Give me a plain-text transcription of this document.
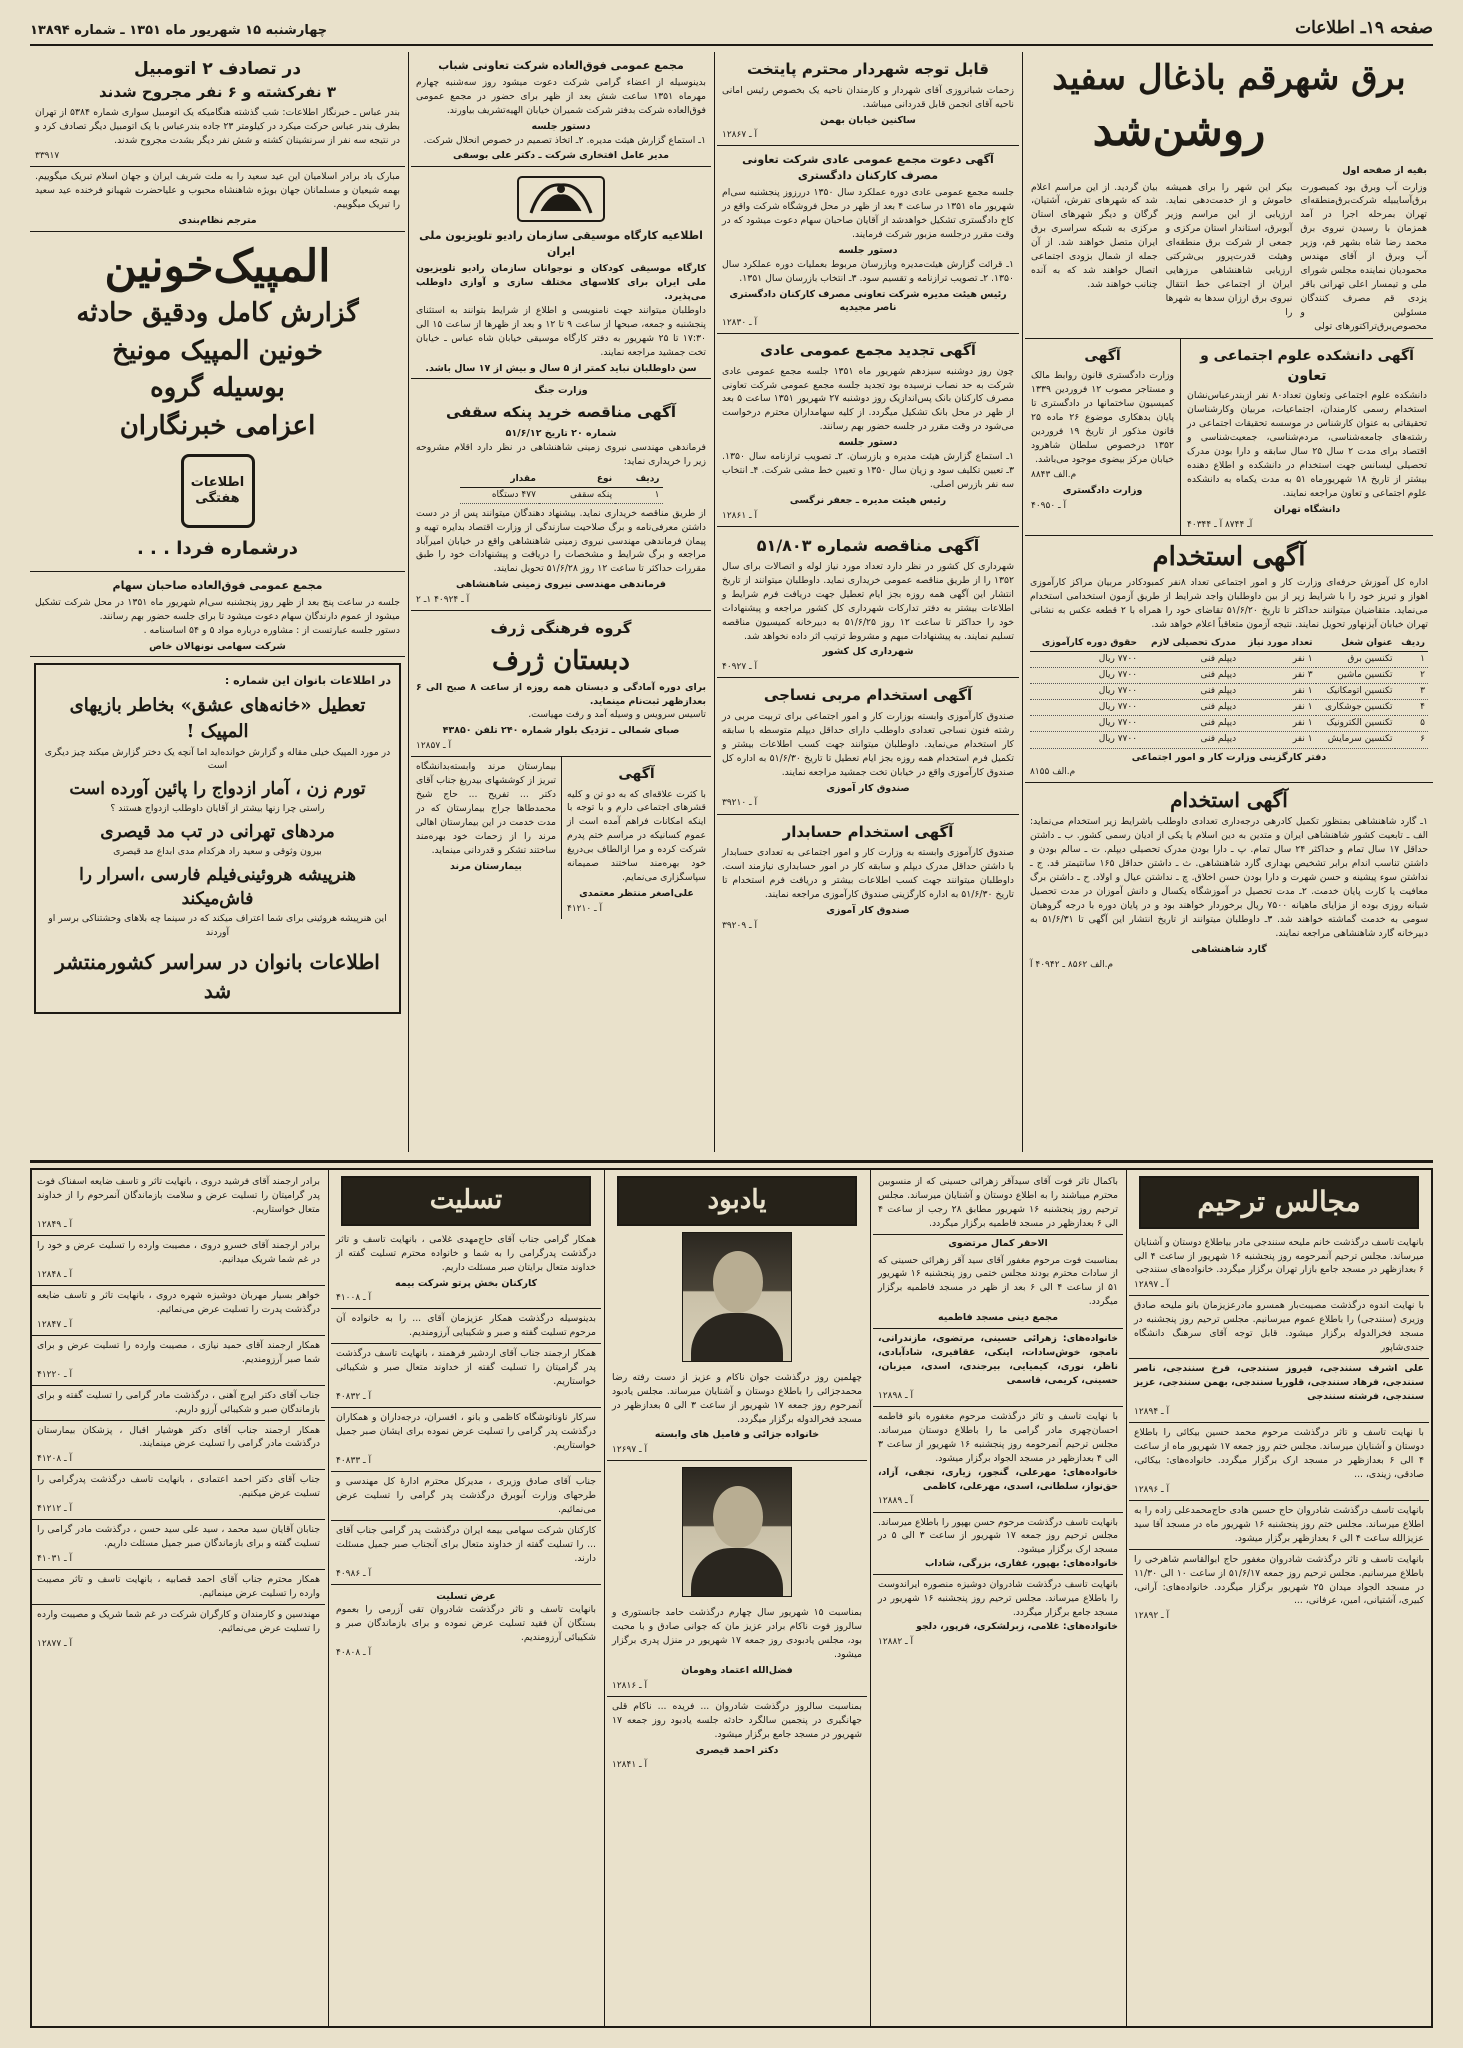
صفحه ۱۹ـ اطلاعات
چهارشنبه ۱۵ شهریور ماه ۱۳۵۱ ـ شماره ۱۳۸۹۴
برق شهرقم باذغال سفید
روشن‌شد
بقیه از صفحه اول
وزارت آب وبرق بود کمبصورت برق‌آسایبیله شرکت‌برق‌منطقه‌ای تهران بمرحله اجرا در آمد همزمان با رسیدن نیروی برق محمد رضا شاه بشهر قم، وزیر آب وبرق از آقای مهندس محمودیان نماینده مجلس شورای ملی و تیمسار اعلی تهرانی باقر یزدی قم مصرف کنندگان مسئولین و محصوص‌برق‌تراکتورهای تولی
بیکر این شهر را برای همیشه خاموش و از خدمت‌دهی نماید. ارزیابی از این مراسم وزیر آبوبرق، استاندار استان مرکزی و جمعی از شرکت برق منطقه‌ای وهیئت‌ قدرت‌پرور بی‌شرکتی ارزیابی شاهنشاهی مرزهایی ایران از اجتماعی خط انتقال نیروی برق ارزان سدها به شهرها را
بیان گردید. از این مراسم اعلام شد که شهرهای تفرش، آشتیان، گرگان و دیگر شهرهای استان مرکزی به شبکه سراسری برق ایران متصل خواهند شد. از آن جمله از شمال بزودی اجتماعی اتصال خواهند شد که به آنده چنانب خواهند شد.
آگهی دانشکده علوم اجتماعی و تعاون
دانشکده علوم اجتماعی وتعاون تعداد۸۰ نفر ازبندرعباس‌نشان استخدام رسمی کارمندان، اجتماعیات، مربیان وکارشناسان تحقیقاتی به عنوان کارشناس در موسسه تحقیقات اجتماعی در رشته‌های جامعه‌شناسی، مردم‌شناسی، جمعیت‌شناسی و اقتصاد برای مدت ۲ سال ۲۵ سال سابقه و دارا بودن مدرک تحصیلی لیسانس جهت استخدام در دانشکده و اطلاع دهنده بیشتر از تاریخ ۱۸ شهریورماه ۵۱ به مدت یکماه به دانشکده علوم اجتماعی و تعاون مراجعه نمایند.
دانشگاه تهران
آـ ۸۷۴۴ آ ـ ۴۰۳۴۴
آگهی
وزارت دادگستری قانون روابط مالک و مستاجر مصوب ۱۲ فروردین ۱۳۳۹ کمیسیون ساختمانها در دادگستری تا پایان بدهکاری موضوع ۲۶ ماده ۲۵ قانون مذکور از تاریخ ۱۹ فروردین ۱۳۵۲ درخصوص سلطان شاهرود خیابان مرکز بیضوی موجود می‌باشد.
م.الف ۸۸۴۳
وزارت دادگستری
آ ـ ۴۰۹۵۰
آگهی استخدام
اداره کل آموزش حرفه‌ای وزارت کار و امور اجتماعی تعداد ۸نفر کمبودکادر مربیان مراکز کارآموزی اهواز و تبریز خود را با شرایط زیر از بین داوطلبان واجد شرایط از طریق آزمون استخدامی استخدام می‌نماید. متقاضیان میتوانند حداکثر تا تاریخ ۵۱/۶/۲۰ تقاضای خود را همراه با ۲ قطعه عکس به نشانی تهران خیابان آیزنهاور تحویل نمایند. نتیجه آزمون متعاقباً اعلام خواهد شد.
ردیف	عنوان شغل	تعداد مورد نیاز	مدرک تحصیلی لازم	حقوق دوره کارآموزی
۱	تکنسین برق	۱ نفر	دیپلم فنی	۷۷۰۰ ریال
۲	تکنسین ماشین	۳ نفر	دیپلم فنی	۷۷۰۰ ریال
۳	تکنسین اتومکانیک	۱ نفر	دیپلم فنی	۷۷۰۰ ریال
۴	تکنسین جوشکاری	۱ نفر	دیپلم فنی	۷۷۰۰ ریال
۵	تکنسین الکترونیک	۱ نفر	دیپلم فنی	۷۷۰۰ ریال
۶	تکنسین سرمایش	۱ نفر	دیپلم فنی	۷۷۰۰ ریال
دفتر کارگزینی وزارت کار و امور اجتماعی
م.الف ۸۱۵۵
آگهی استخدام
۱ـ گارد شاهنشاهی بمنظور تکمیل کادرهی درجه‌داری تعدادی داوطلب باشرایط زیر استخدام می‌نماید: الف ـ تابعیت کشور شاهنشاهی ایران و متدین به دین اسلام یا یکی از ادیان رسمی کشور. ب ـ داشتن حداقل ۱۷ سال تمام و حداکثر ۲۴ سال تمام. پ ـ دارا بودن مدرک تحصیلی دیپلم. ت ـ سالم بودن و داشتن تناسب اندام برابر تشخیص بهداری گارد شاهنشاهی. ث ـ داشتن حداقل ۱۶۵ سانتیمتر قد. ج ـ نداشتن سوء پیشینه و حسن شهرت و دارا بودن حسن اخلاق. چ ـ نداشتن عیال و اولاد. ح ـ داشتن برگ معافیت یا کارت پایان خدمت. ۲ـ مدت تحصیل در آموزشگاه یکسال و دانش آموزان در مدت تحصیل شبانه روزی بوده از مزایای ماهیانه ۷۵۰۰ ریال برخوردار خواهند بود و در پایان دوره با درجه گروهبان سومی به خدمت گماشته خواهند شد. ۳ـ داوطلبان میتوانند از تاریخ انتشار این آگهی تا ۵۱/۶/۳۱ به دبیرخانه گارد شاهنشاهی مراجعه نمایند.
گارد شاهنشاهی
م.الف ۸۵۶۲ ـ ۴۰۹۴۲ آ
قابل توجه شهردار محترم پایتخت
زحمات شبانروزی آقای شهردار و کارمندان ناحیه یک بخصوص رئیس امانی ناحیه آقای انجمن قابل قدردانی میباشد.
ساکنین خیابان بهمن
آ ـ ۱۲۸۶۷
آگهی دعوت مجمع عمومی عادی شرکت تعاونی مصرف کارکنان دادگستری
جلسه مجمع عمومی عادی دوره عملکرد سال ۱۳۵۰ دررزوز پنجشنبه سی‌ام شهریور ماه ۱۳۵۱ در ساعت ۴ بعد از ظهر در محل فروشگاه شرکت واقع در کاخ دادگستری تشکیل خواهدشد از آقایان صاحبان سهام دعوت میشود که در وقت مقرر درجلسه مزبور شرکت فرمایند.
دستور جلسه
۱ـ قرائت گزارش هیئت‌مدیره وبازرسان مربوط بعملیات دوره عملکرد سال ۱۳۵۰. ۲ـ تصویب ترازنامه و تقسیم سود. ۳ـ انتخاب بازرسان سال ۱۳۵۱.
رئیس هیئت مدیره شرکت تعاونی مصرف کارکنان دادگستری ناصر مجیدیه
آ ـ ۱۲۸۳۰
آگهی تجدید مجمع عمومی عادی
چون روز دوشنبه سیزدهم شهریور ماه ۱۳۵۱ جلسه مجمع عمومی عادی شرکت به حد نصاب نرسیده بود تجدید جلسه مجمع عمومی شرکت تعاونی مصرف کارکنان بانک پس‌اندازیک روز دوشنبه ۲۷ شهریور ۱۳۵۱ ساعت ۵ بعد از ظهر در محل بانک تشکیل میگردد. از کلیه سهامداران محترم درخواست می‌شود در وقت مقرر در جلسه حضور بهم رسانند.
دستور جلسه
۱ـ استماع گزارش هیئت مدیره و بازرسان. ۲ـ تصویب ترازنامه سال ۱۳۵۰. ۳ـ تعیین تکلیف سود و زیان سال ۱۳۵۰ و تعیین خط مشی شرکت. ۴ـ انتخاب سه نفر بازرس اصلی.
رئیس هیئت مدیره ـ جعفر نرگسی
آ ـ ۱۲۸۶۱
آگهی مناقصه شماره ۵۱/۸۰۳
شهرداری کل کشور در نظر دارد تعداد مورد نیاز لوله و اتصالات برای سال ۱۳۵۲ را از طریق مناقصه عمومی خریداری نماید. داوطلبان میتوانند از تاریخ انتشار این آگهی همه روزه بجز ایام تعطیل جهت دریافت فرم شرایط و اطلاعات بیشتر به دفتر تدارکات شهرداری کل کشور مراجعه و پیشنهادات خود را حداکثر تا ساعت ۱۲ روز ۵۱/۶/۲۵ به دبیرخانه کمیسیون مناقصه تسلیم نمایند. به پیشنهادات مبهم و مشروط ترتیب اثر داده نخواهد شد.
شهرداری کل کشور
آ ـ ۴۰۹۲۷
آگهی استخدام مربی نساجی
صندوق کارآموزی وابسته بوزارت کار و امور اجتماعی برای تربیت مربی در رشته فنون نساجی تعدادی داوطلب دارای حداقل دیپلم متوسطه با سابقه کار استخدام می‌نماید. داوطلبان میتوانند جهت کسب اطلاعات بیشتر و تکمیل فرم استخدام همه روزه بجز ایام تعطیل تا تاریخ ۵۱/۶/۳۰ به اداره کل صندوق کارآموزی واقع در خیابان تخت جمشید مراجعه نمایند.
صندوق کار آموزی
آ ـ ۳۹۲۱۰
آگهی استخدام حسابدار
صندوق کارآموزی وابسته به وزارت کار و امور اجتماعی به تعدادی حسابدار با داشتن حداقل مدرک دیپلم و سابقه کار در امور حسابداری نیازمند است. داوطلبان میتوانند جهت کسب اطلاعات بیشتر و دریافت فرم استخدام تا تاریخ ۵۱/۶/۳۰ به اداره کارگزینی صندوق کارآموزی مراجعه نمایند.
صندوق کار آموزی
آ ـ ۳۹۲۰۹
مجمع عمومی فوق‌العاده شرکت تعاونی شباب
بدینوسیله از اعضاء گرامی شرکت دعوت میشود روز سه‌شنبه چهارم مهرماه ۱۳۵۱ ساعت شش بعد از ظهر برای حضور در مجمع عمومی فوق‌العاده شرکت بدفتر شرکت شمیران خیابان الهیه‌تشریف بیاورند.
دستور جلسه
۱ـ استماع گزارش هیئت مدیره. ۲ـ اتخاذ تصمیم در خصوص انحلال شرکت.
مدیر عامل افتخاری شرکت ـ دکتر علی بوسفی
اطلاعیه کارگاه موسیقی سازمان رادیو تلویزیون ملی ایران
کارگاه موسیقی کودکان و نوجوانان سازمان رادیو تلویزیون ملی ایران برای کلاسهای مختلف سازی و آوازی داوطلب می‌پذیرد.
داوطلبان میتوانند جهت نامنویسی و اطلاع از شرایط بتوانند به استثنای پنجشنبه و جمعه، صبحها از ساعت ۹ تا ۱۲ و بعد از ظهرها از ساعت ۱۵ الی ۱۷:۳۰ تا ۲۵ شهریور به دفتر کارگاه موسیقی خیابان شاه عباس ـ خیابان تخت جمشید مراجعه نمایند.
سن داوطلبان نباید کمتر از ۵ سال و بیش از ۱۷ سال باشد.
وزارت جنگ
آگهی مناقصه خرید پنکه سقفی
شماره ۲۰ تاریخ ۵۱/۶/۱۲
فرماندهی مهندسی نیروی زمینی شاهنشاهی در نظر دارد اقلام مشروحه زیر را خریداری نماید:
ردیف	نوع	مقدار
۱	پنکه سقفی	۴۷۷ دستگاه
از طریق مناقصه خریداری نماید. بیشنهاد دهندگان میتوانند پس از در دست داشتن معرفی‌نامه و برگ صلاحیت سازندگی از وزارت اقتصاد بدایره تهیه و پیمان فرماندهی مهندسی نیروی زمینی شاهنشاهی واقع در خیابان امیرآباد مراجعه و برگ شرایط و مشخصات را دریافت و پیشنهادات خود را طبق مقررات حداکثر تا ساعت ۱۲ روز ۵۱/۶/۲۸ تحویل نمایند.
فرماندهی مهندسی نیروی زمینی شاهنشاهی
آ ـ ۴۰۹۲۴ ۱ـ ۲
گروه فرهنگی ژرف
دبستان ژرف
برای دوره آمادگی و دبستان همه روزه از ساعت ۸ صبح الی ۶ بعدازظهر ثبت‌نام مینماید.
تاسیس سرویس و وسیله آمد و رفت مهیاست.
صبای شمالی ـ تزدیک بلوار شماره ۲۴۰ تلفن ۴۳۸۵۰
آ ـ ۱۲۸۵۷
آگهی
با کثرت علاقه‌ای که به دو تن و کلیه قشرهای اجتماعی دارم و با توجه با اینکه امکانات فراهم آمده است از عموم کسانیکه در مراسم ختم پدرم شرکت کرده و مرا ازالطاف بی‌دریغ خود بهره‌مند ساختند صمیمانه سپاسگزاری می‌نمایم.
علی‌اصغر منتظر معتمدی
آ ـ ۴۱۲۱۰
بیمارستان مرند وابسته‌بدانشگاه تبریز از کوششهای بیدریغ جناب آقای دکتر ... تفریح ... حاج شیخ محمدطاها جراح بیمارستان که در مدت خدمت در این بیمارستان اهالی مرند را از زحمات خود بهره‌مند ساختند تشکر و قدردانی مینماید.
بیمارستان مرند
در تصادف ۲ اتومبیل
۳ نفرکشته و ۶ نفر مجروح شدند
بندر عباس ـ خبرنگار اطلاعات: شب گذشته هنگامیکه یک اتومبیل سواری شماره ۵۳۸۴ از تهران بطرف بندر عباس حرکت میکرد در کیلومتر ۲۳ جاده بندرعباس با یک اتومبیل دیگر تصادف کرد و در نتیجه سه نفر از سرنشینان کشته و شش نفر دیگر بشدت مجروح شدند.
۳۳۹۱۷
مبارک باد برادر اسلامیان این عید سعید را به ملت شریف ایران و جهان اسلام تبریک میگوییم. بهمه شیعیان و مسلمانان جهان بویژه شاهنشاه محبوب و علیاحضرت شهبانو فرخنده عید سعید را تبریک میگوییم.
مترجم نظام‌بندی
المپیک‌خونین
گزارش کامل ودقیق حادثه
خونین المپیک مونیخ
بوسیله گروه
اعزامی خبرنگاران
اطلاعات هفتگی
درشماره فردا . . .
مجمع عمومی فوق‌العاده صاحبان سهام
جلسه در ساعت پنج بعد از ظهر روز پنجشنبه سی‌ام شهریور ماه ۱۳۵۱ در محل شرکت تشکیل میشود از عموم دارندگان سهام دعوت میشود تا برای جلسه حضور بهم رسانند.
دستور جلسه عبارتست از : مشاوره درباره مواد ۵ و ۵۴ اساسنامه .
شرکت سهامی نونهالان خاص
در اطلاعات بانوان این شماره :
تعطیل «خانه‌های عشق» بخاطر بازیهای المپیک !
در مورد المپیک خیلی مقاله و گزارش خوانده‌اید اما آنچه یک دختر گزارش میکند چیز دیگری است
تورم زن ، آمار ازدواج را پائین آورده است
راستی چرا زنها بیشتر از آقایان داوطلب ازدواج هستند ؟
مردهای تهرانی در تب مد قیصری
بیرون وثوقی و سعید راد هرکدام مدی ابداع مد قیصری
هنرپیشه هروئینی‌فیلم فارسی ،اسرار را فاش‌میکند
این هنرپیشه هروئینی برای شما اعتراف میکند که در سینما چه بلاهای وحشتناکی برسر او آوردند
اطلاعات بانوان در سراسر کشورمنتشر شد
مجالس ترحیم
بانهایت تاسف درگذشت خانم ملیحه سنندجی مادر بیاطلاع دوستان و آشنایان میرساند. مجلس ترحیم آنمرحومه روز پنجشنبه ۱۶ شهریور از ساعت ۴ الی ۶ بعدازظهر در مسجد جامع بازار تهران برگزار میگردد. خانواده‌های سنندجی
آ ـ ۱۲۸۹۷
با نهایت اندوه درگذشت مصیبت‌بار همسرو مادرعزیزمان بانو ملیحه صادق وزیری (سنندجی) را باطلاع عموم میرسانیم. مجلس ترحیم روز پنجشنبه در مسجد فخرالدوله برگزار میشود. قابل توجه آقای سرهنگ دانشگاه جندی‌شاپور
علی اشرف سنندجی، فیروز سنندجی، فرخ سنندجی، ناصر سنندجی، فرهاد سنندجی، قلوریا سنندجی، بهمن سنندجی، عزیز سنندجی، فرشته سنندجی
آ ـ ۱۲۸۹۴
با نهایت تاسف و تاثر درگذشت مرحوم محمد حسین بیکائی را باطلاع دوستان و آشنایان میرساند. مجلس ختم روز جمعه ۱۷ شهریور ماه از ساعت ۴ الی ۶ بعدازظهر در مسجد ارک برگزار میگردد. خانواده‌های: بیکائی، صادقی، زیندی، ...
آ ـ ۱۲۸۹۶
بانهایت تاسف درگذشت شادروان حاج حسین هادی حاج‌محمدعلی زاده را به اطلاع میرساند. مجلس ختم روز پنجشنبه ۱۶ شهریور ماه در مسجد آقا سید عزیزالله ساعت ۴ الی ۶ بعدازظهر برگزار میشود.
بانهایت تاسف و تاثر درگذشت شادروان مغفور حاج ابوالقاسم شاهرخی را باطلاع میرسانیم. مجلس ترحیم روز جمعه ۵۱/۶/۱۷ از ساعت ۱۰ الی ۱۱/۳۰ در مسجد الجواد میدان ۲۵ شهریور برگزار میگردد. خانواده‌های: آرانی، کبیری، آشتیانی، امین، عرفانی، ...
آ ـ ۱۲۸۹۲
باکمال تاثر فوت آقای سیدآقر زهرائی حسینی که از منسوبین محترم میباشند را به اطلاع دوستان و آشنایان میرساند. مجلس ترحیم روز پنجشنبه ۱۶ شهریور مطابق ۲۸ رجب از ساعت ۴ الی ۶ بعدازظهر در مسجد فاطمیه برگزار میگردد.
الاحقر کمال مرتضوی
بمناسبت فوت مرحوم مغفور آقای سید آقر زهرائی حسینی که از سادات محترم بودند مجلس ختمی روز پنجشنبه ۱۶ شهریور ۵۱ از ساعت ۴ الی ۶ بعد از ظهر در مسجد فاطمیه برگزار میگردد.
مجمع دینی مسجد فاطمیه
خانواده‌های: زهرائی حسینی، مرتضوی، مازندرانی، نامجو، خوش‌سادات، اینکی، عقافیری، شادآبادی، ناظر، نوری، کیمیایی، بیرجندی، اسدی، میزبان، حسینی، کریمی، قاسمی
آ ـ ۱۲۸۹۸
با نهایت تاسف و تاثر درگذشت مرحوم مغفوره بانو فاطمه احسان‌چهری مادر گرامی ما را باطلاع دوستان میرساند. مجلس ترحیم آنمرحومه روز پنجشنبه ۱۶ شهریور از ساعت ۳ الی ۴ بعدازظهر در مسجد الجواد برگزار میشود.
خانواده‌های: مهرعلی، گنجور، زیاری، نجفی، آزاد، حق‌نواز، سلطانی، اسدی، مهرعلی، کاظمی
آ ـ ۱۲۸۸۹
بانهایت تاسف درگذشت مرحوم حسن بهپور را باطلاع میرساند. مجلس ترحیم روز جمعه ۱۷ شهریور از ساعت ۳ الی ۵ در مسجد ارک برگزار میشود.
خانواده‌های: بهپور، غفاری، بزرگی، شاداب
بانهایت تاسف درگذشت شادروان دوشیزه منصوره ایراندوست را باطلاع میرساند. مجلس ترحیم روز پنجشنبه ۱۶ شهریور در مسجد جامع برگزار میگردد.
خانواده‌های: غلامی، زبرلشکری، فرپور، دلجو
آ ـ ۱۲۸۸۲
یادبود
چهلمین روز درگذشت جوان ناکام و عزیز از دست رفته رضا محمدجزائی را باطلاع دوستان و آشنایان میرساند. مجلس یادبود آنمرحوم روز جمعه ۱۷ شهریور از ساعت ۳ الی ۵ بعدازظهر در مسجد فخرالدوله برگزار میگردد.
خانواده جزائی و فامیل های وابسته
آ ـ ۱۲۶۹۷
بمناسبت ۱۵ شهریور سال چهارم درگذشت حامد جانستوری و سالروز فوت ناکام برادر عزیز مان که جوانی صادق و با محبت بود، مجلس یادبودی روز جمعه ۱۷ شهریور در منزل پدری برگزار میشود.
فضل‌الله اعتماد وهومان
آ ـ ۱۲۸۱۶
بمناسبت سالروز درگذشت شادروان ... فریده ... ناکام قلی جهانگیری در پنجمین سالگرد حادثه جلسه یادبود روز جمعه ۱۷ شهریور در مسجد جامع برگزار میشود.
دکتر احمد قیصری
آ ـ ۱۲۸۴۱
تسلیت
همکار گرامی جناب آقای حاج‌مهدی غلامی ، بانهایت تاسف و تاثر درگذشت پدرگرامی را به شما و خانواده محترم تسلیت گفته از خداوند متعال برایتان صبر مسئلت داریم.
کارکنان بخش پرتو شرکت بیمه
آ ـ ۴۱۰۰۸
بدینوسیله درگذشت همکار عزیزمان آقای ... را به خانواده آن مرحوم تسلیت گفته و صبر و شکیبایی آرزومندیم.
همکار ارجمند جناب آقای اردشیر فرهمند ، بانهایت تاسف درگذشت پدر گرامیتان را تسلیت گفته از خداوند متعال صبر و شکیبائی خواستاریم.
آ ـ ۴۰۸۳۲
سرکار ناوناتوشگاه کاظمی و بانو ، افسران، درجه‌داران و همکاران درگذشت پدر گرامی را تسلیت عرض نموده برای ایشان صبر جمیل خواستاریم.
آ ـ ۴۰۸۳۳
جناب آقای صادق وزیری ، مدیرکل محترم ادارهٔ کل مهندسی و طرحهای وزارت آبوبرق درگذشت پدر گرامی را تسلیت عرض می‌نمائیم.
کارکنان شرکت سهامی بیمه ایران درگذشت پدر گرامی جناب آقای ... را تسلیت گفته از خداوند متعال برای آنجناب صبر جمیل مسئلت دارند.
آ ـ ۴۰۹۸۶
عرض تسلیت
بانهایت تاسف و تاثر درگذشت شادروان تقی آزرمی را بعموم بستگان آن فقید تسلیت عرض نموده و برای بازماندگان صبر و شکیبائی آرزومندیم.
آ ـ ۴۰۸۰۸
برادر ارجمند آقای فرشید دروی ، بانهایت تاثر و تاسف ضایعه اسفناک فوت پدر گرامیتان را تسلیت عرض و سلامت بازماندگان آنمرحوم را از خداوند متعال خواستاریم.
آ ـ ۱۲۸۴۹
برادر ارجمند آقای خسرو دروی ، مصیبت وارده را تسلیت عرض و خود را در غم شما شریک میدانیم.
آ ـ ۱۲۸۴۸
خواهر بسیار مهربان دوشیزه شهره دروی ، بانهایت تاثر و تاسف ضایعه درگذشت پدرت را تسلیت عرض می‌نمائیم.
آ ـ ۱۲۸۴۷
همکار ارجمند آقای حمید نیازی ، مصیبت وارده را تسلیت عرض و برای شما صبر آرزومندیم.
آ ـ ۴۱۲۲۰
جناب آقای دکتر ایرج آهنی ، درگذشت مادر گرامی را تسلیت گفته و برای بازماندگان صبر و شکیبائی آرزو داریم.
همکار ارجمند جناب آقای دکتر هوشیار اقبال ، پزشکان بیمارستان درگذشت مادر گرامی را تسلیت عرض مینمایند.
آ ـ ۴۱۲۰۸
جناب آقای دکتر احمد اعتمادی ، بانهایت تاسف درگذشت پدرگرامی را تسلیت عرض میکنیم.
آ ـ ۴۱۲۱۲
جنابان آقایان سید محمد ، سید علی سید حسن ، درگذشت مادر گرامی را تسلیت گفته و برای بازماندگان صبر جمیل مسئلت داریم.
آ ـ ۴۱۰۳۱
همکار محترم جناب آقای احمد قصابیه ، بانهایت تاسف و تاثر مصیبت وارده را تسلیت عرض مینمائیم.
مهندسین و کارمندان و کارگران شرکت در غم شما شریک و مصیبت وارده را تسلیت عرض می‌نمائیم.
آ ـ ۱۲۸۷۷
